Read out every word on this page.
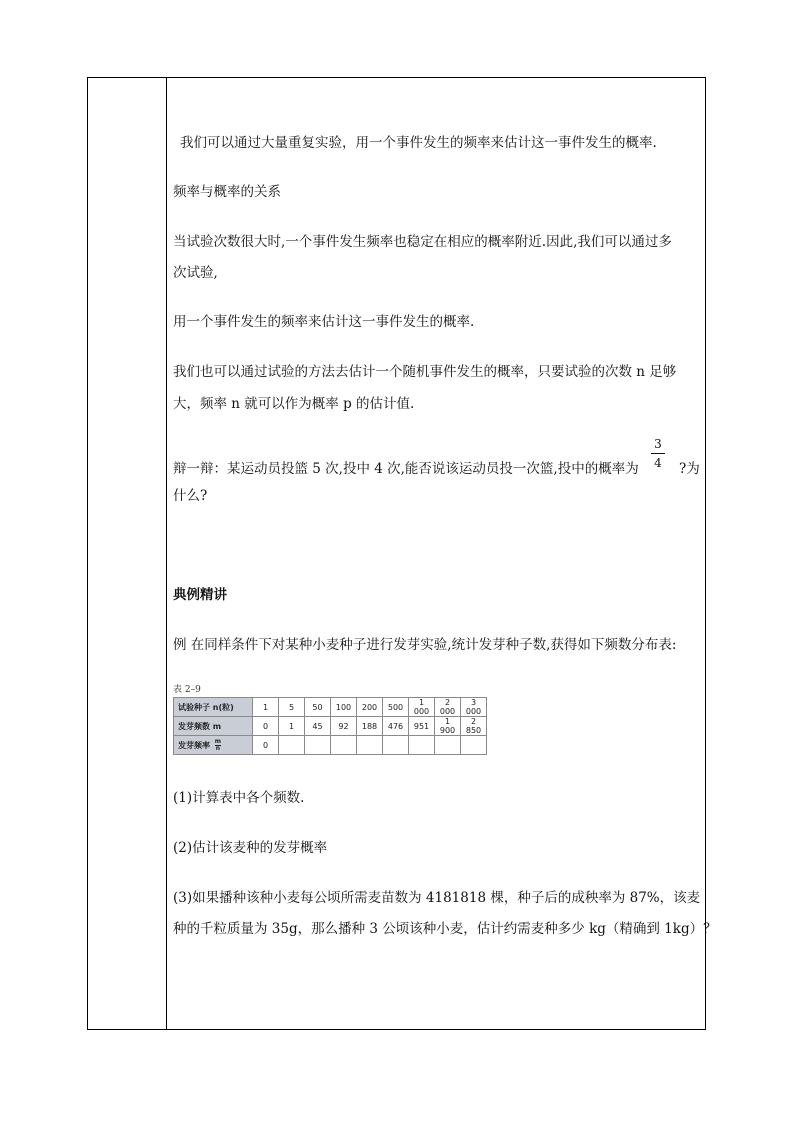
我们可以通过大量重复实验，用一个事件发生的频率来估计这一事件发生的概率.
频率与概率的关系
当试验次数很大时,一个事件发生频率也稳定在相应的概率附近.因此,我们可以通过多
次试验,
用一个事件发生的频率来估计这一事件发生的概率.
我们也可以通过试验的方法去估计一个随机事件发生的概率，只要试验的次数 n 足够
大，频率 n 就可以作为概率 p 的估计值.
辩一辩：某运动员投篮 5 次,投中 4 次,能否说该运动员投一次篮,投中的概率为
3
4 ?为
什么?
典例精讲
例 在同样条件下对某种小麦种子进行发芽实验,统计发芽种子数,获得如下频数分布表:
表 2–9
试验种子 n(粒)	1	5	50	100	200	500	1 000	2 000	3 000
发芽频数 m	0	1	45	92	188	476	951	1 900	2 850
发芽频率 $\frac{m}{n}$	0								
(1)计算表中各个频数.
(2)估计该麦种的发芽概率
(3)如果播种该种小麦每公顷所需麦苗数为 4181818 棵，种子后的成秧率为 87%，该麦
种的千粒质量为 35g，那么播种 3 公顷该种小麦，估计约需麦种多少 kg（精确到 1kg）？
